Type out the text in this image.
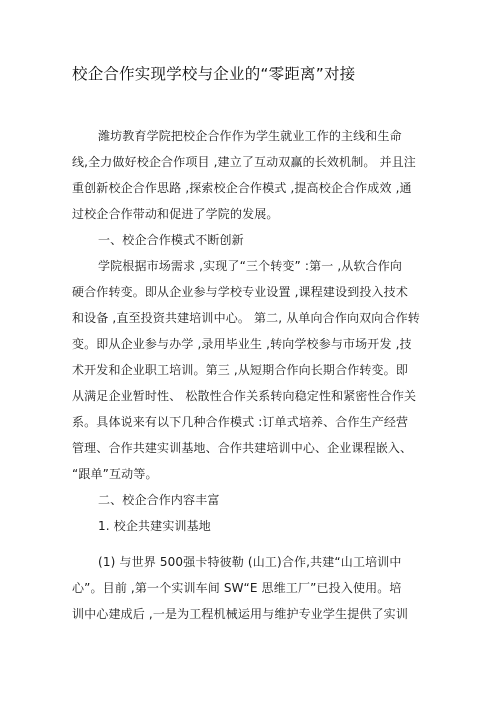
校企合作实现学校与企业的“零距离”对接
潍坊教育学院把校企合作作为学生就业工作的主线和生命
线,全力做好校企合作项目 ,建立了互动双赢的长效机制。 并且注
重创新校企合作思路 ,探索校企合作模式 ,提高校企合作成效 ,通
过校企合作带动和促进了学院的发展。
一、校企合作模式不断创新
学院根据市场需求 ,实现了“三个转变” :第一 ,从软合作向
硬合作转变。即从企业参与学校专业设置 ,课程建设到投入技术
和设备 ,直至投资共建培训中心。 第二, 从单向合作向双向合作转
变。即从企业参与办学 ,录用毕业生 ,转向学校参与市场开发 ,技
术开发和企业职工培训。第三 ,从短期合作向长期合作转变。即
从满足企业暂时性、 松散性合作关系转向稳定性和紧密性合作关
系。具体说来有以下几种合作模式 :订单式培养、合作生产经营
管理、合作共建实训基地、合作共建培训中心、企业课程嵌入、
“跟单”互动等。
二、校企合作内容丰富
1. 校企共建实训基地
(1) 与世界 500强卡特彼勒 (山工)合作,共建“山工培训中
心”。目前 ,第一个实训车间 SW“E 思维工厂”已投入使用。培
训中心建成后 ,一是为工程机械运用与维护专业学生提供了实训
